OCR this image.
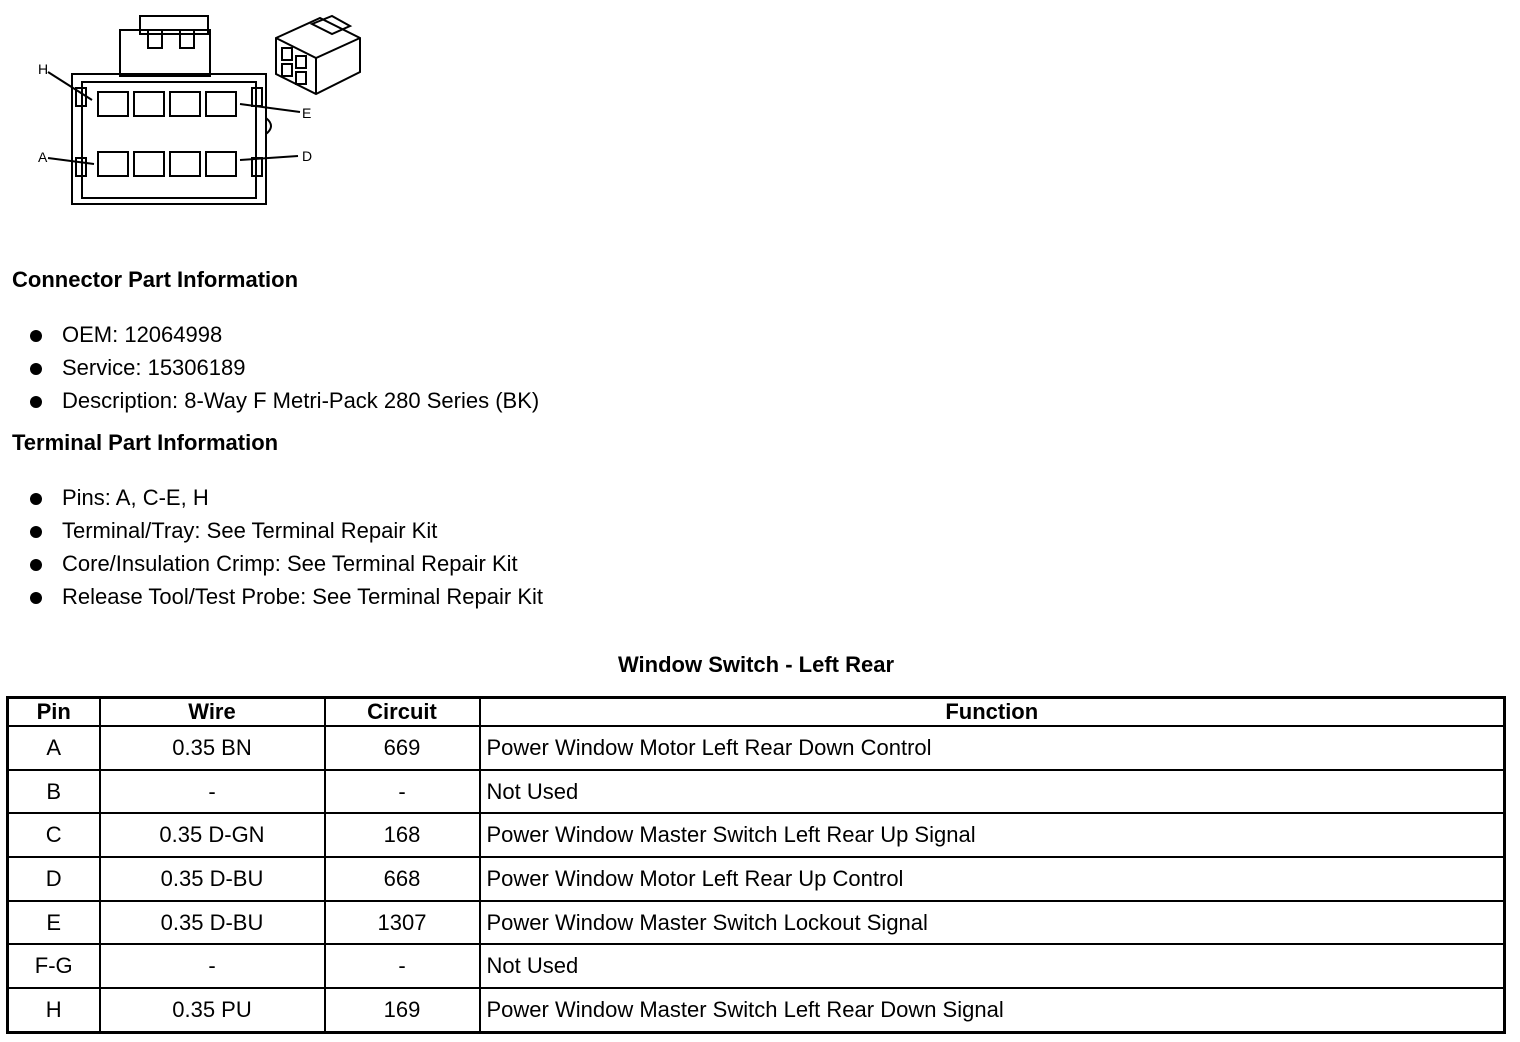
H
E
A	D
Connector Part Information
OEM: 12064998
Service: 15306189
Description: 8-Way F Metri-Pack 280 Series (BK)
Terminal Part Information
Pins: A, C-E, H
Terminal/Tray: See Terminal Repair Kit
Core/Insulation Crimp: See Terminal Repair Kit
Release Tool/Test Probe: See Terminal Repair Kit
Window Switch - Left Rear
Pin	Wire	Circuit	Function
A	0.35 BN	669	Power Window Motor Left Rear Down Control
B	-	-	Not Used
C	0.35 D-GN	168	Power Window Master Switch Left Rear Up Signal
D	0.35 D-BU	668	Power Window Motor Left Rear Up Control
E	0.35 D-BU	1307	Power Window Master Switch Lockout Signal
F-G	-	-	Not Used
H	0.35 PU	169	Power Window Master Switch Left Rear Down Signal
